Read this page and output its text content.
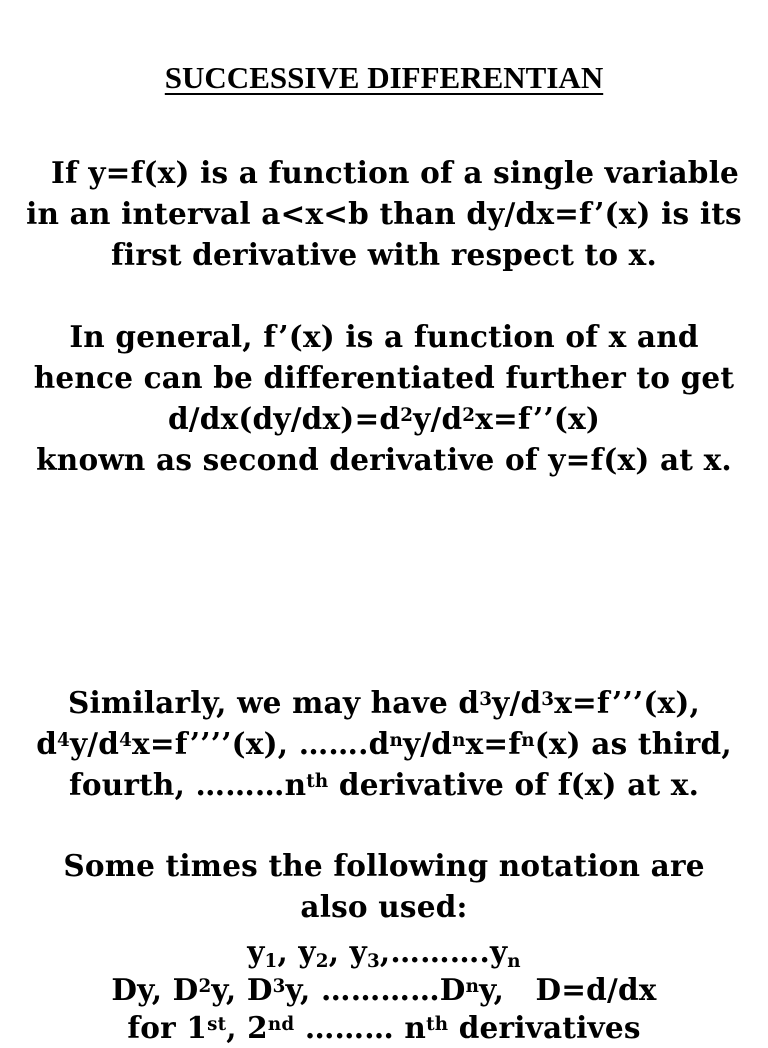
SUCCESSIVE DIFFERENTIAN
If y=f(x) is a function of a single variable
in an interval a<x<b than dy/dx=f’(x) is its
first derivative with respect to x.
In general, f’(x) is a function of x and
hence can be differentiated further to get
$d/dx(dy/dx)=d^2y/d^2x=f’’(x)$
known as second derivative of y=f(x) at x.
Similarly, we may have $d^3y/d^3x=f’’’(x)$,
$d^4y/d^4x=f’’’’(x)$, $\dots\dots.d^ny/d^nx=f^n(x)$ as third,
fourth, $\dots\dots\dots n^{th}$ derivative of f(x) at x.
Some times the following notation are
also used:
$y_1$, $y_2$, $y_3,\dots\dots\dots.y_n$
Dy, $D^2y$, $D^3y$, $\dots\dots\dots\dots D^ny$,   D=d/dx
for 1st, 2nd ……… $n^{th}$ derivatives
